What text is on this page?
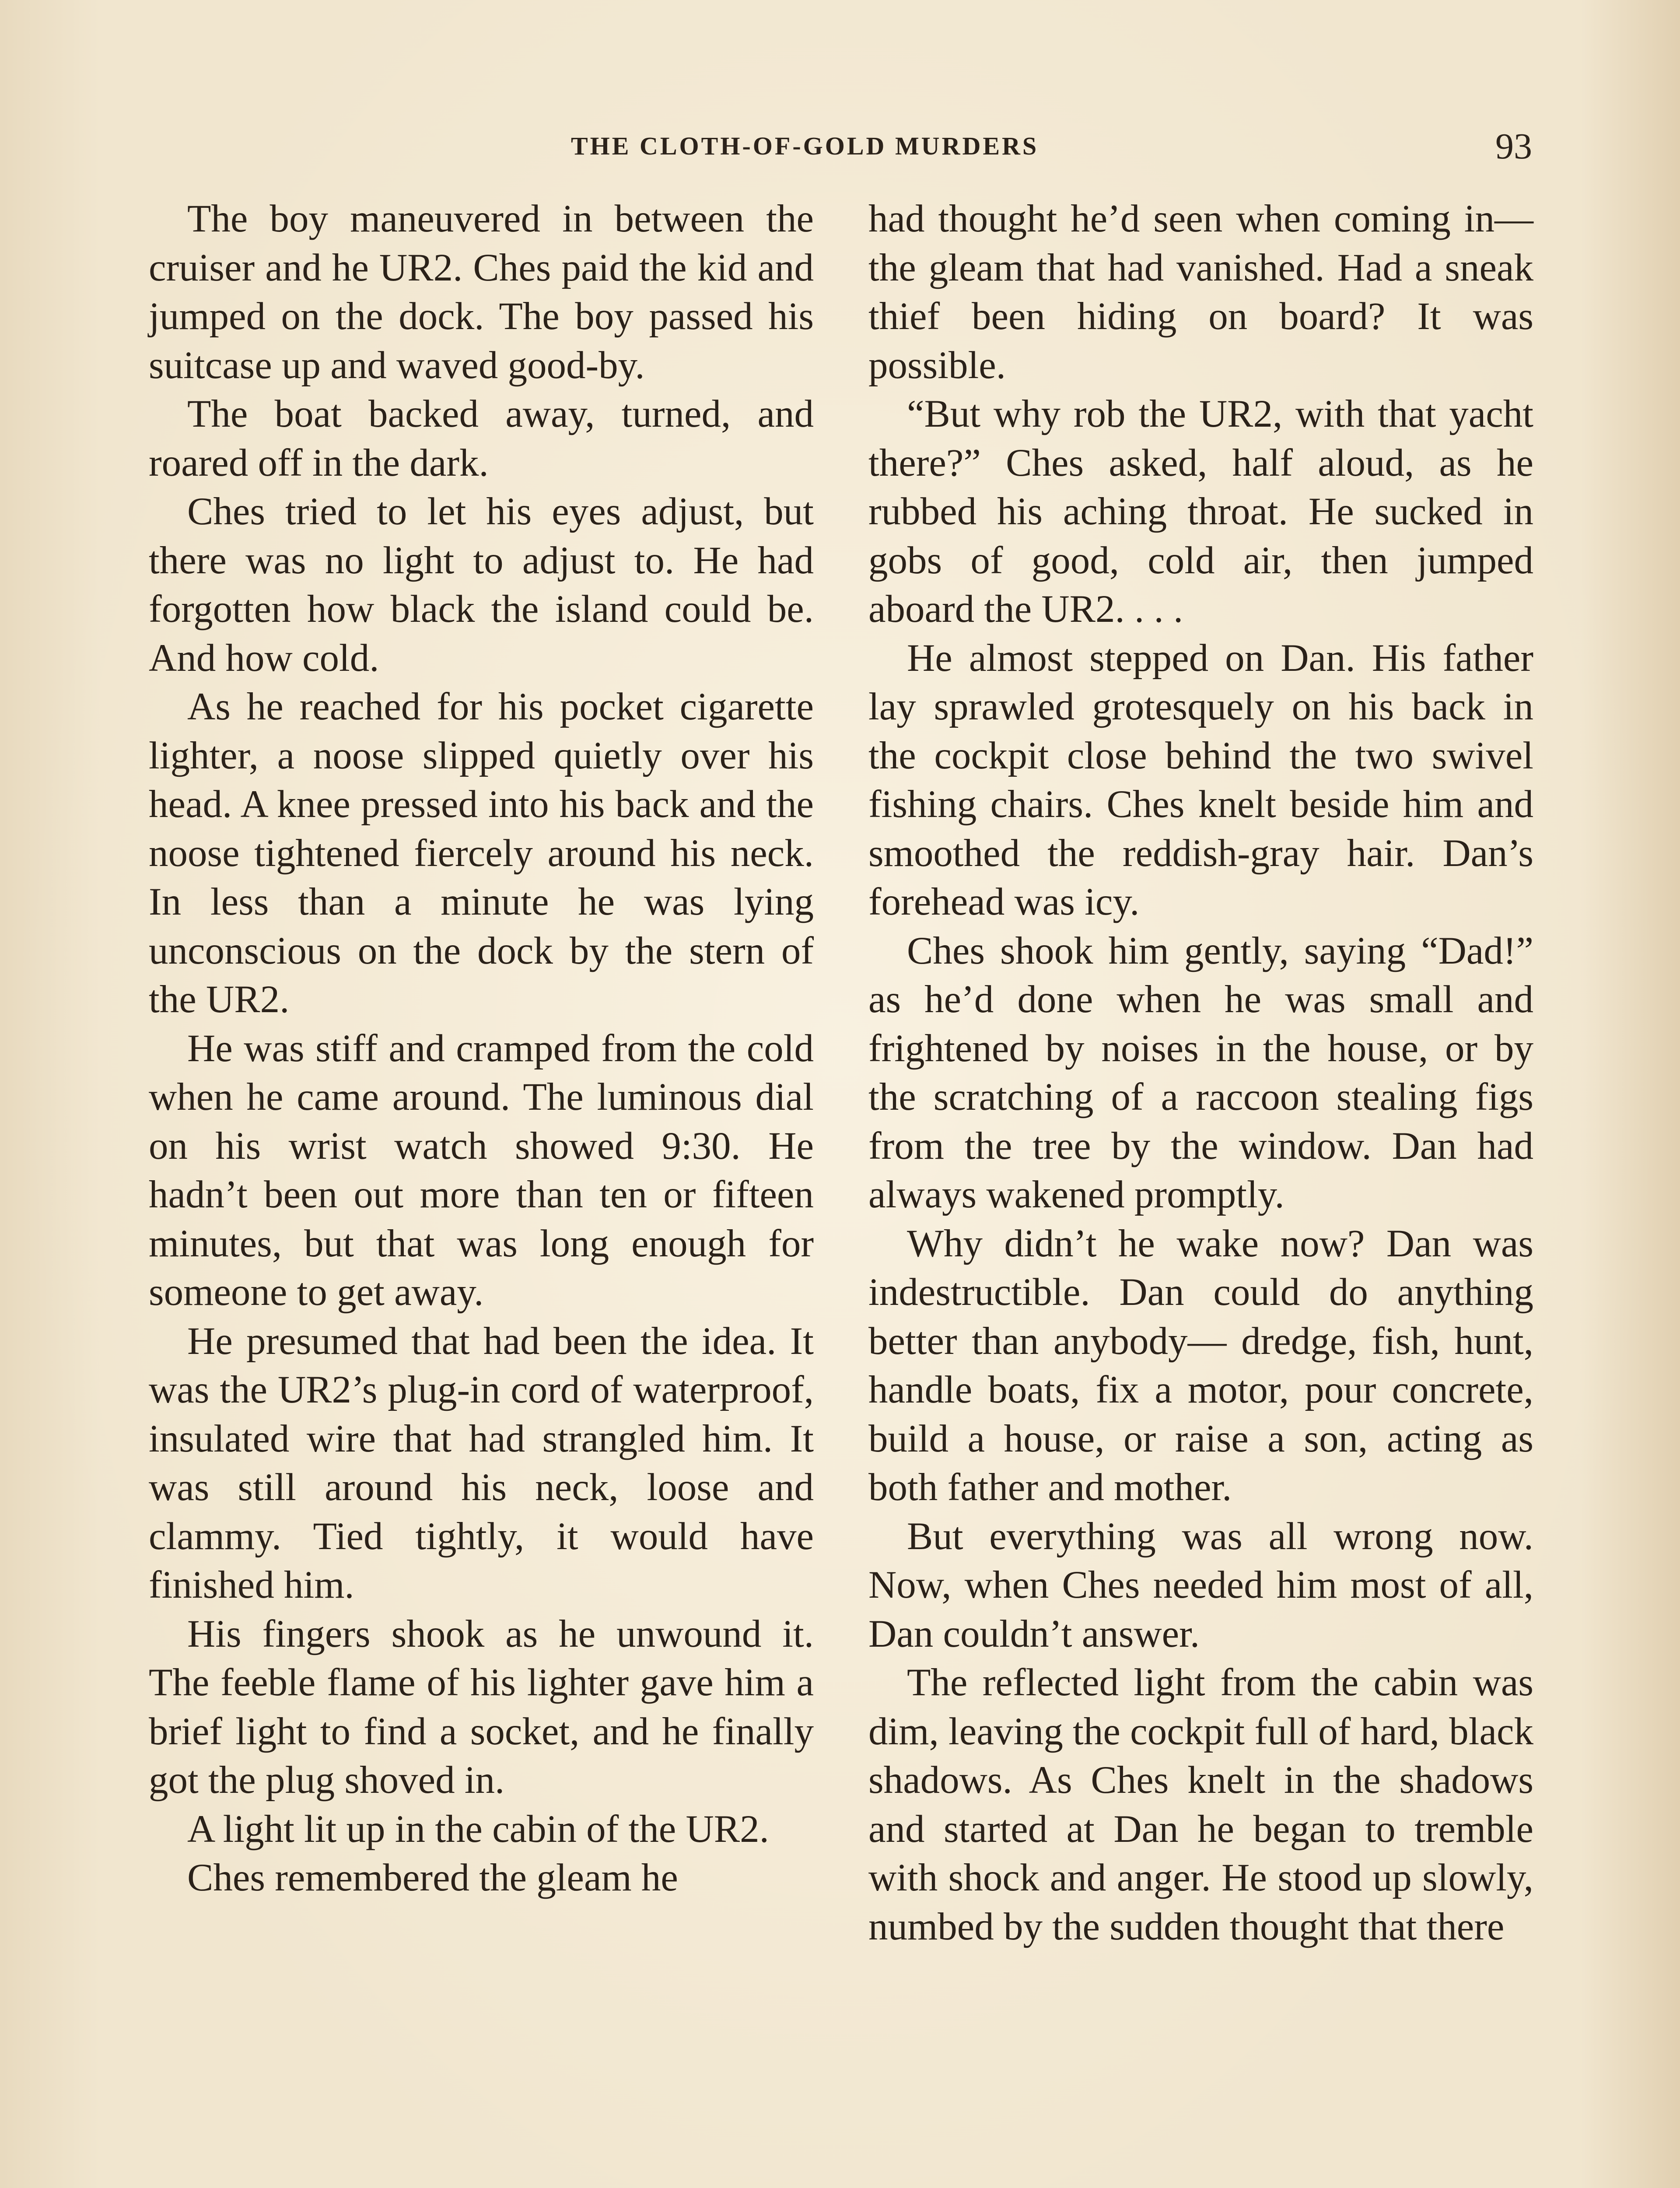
THE CLOTH-OF-GOLD MURDERS	93

The boy maneuvered in between the cruiser and he UR2. Ches paid the kid and jumped on the dock. The boy passed his suitcase up and waved good-by.

The boat backed away, turned, and roared off in the dark.

Ches tried to let his eyes adjust, but there was no light to adjust to. He had forgotten how black the island could be. And how cold.

As he reached for his pocket cigarette lighter, a noose slipped quietly over his head. A knee pressed into his back and the noose tightened fiercely around his neck. In less than a minute he was lying unconscious on the dock by the stern of the UR2.

He was stiff and cramped from the cold when he came around. The luminous dial on his wrist watch showed 9:30. He hadn’t been out more than ten or fifteen minutes, but that was long enough for someone to get away.

He presumed that had been the idea. It was the UR2’s plug-in cord of waterproof, insulated wire that had strangled him. It was still around his neck, loose and clammy. Tied tightly, it would have finished him.

His fingers shook as he unwound it. The feeble flame of his lighter gave him a brief light to find a socket, and he finally got the plug shoved in.

A light lit up in the cabin of the UR2.

Ches remembered the gleam he

had thought he’d seen when coming in—the gleam that had vanished. Had a sneak thief been hiding on board? It was possible.

“But why rob the UR2, with that yacht there?” Ches asked, half aloud, as he rubbed his aching throat. He sucked in gobs of good, cold air, then jumped aboard the UR2. . . .

He almost stepped on Dan. His father lay sprawled grotesquely on his back in the cockpit close behind the two swivel fishing chairs. Ches knelt beside him and smoothed the reddish-gray hair. Dan’s forehead was icy.

Ches shook him gently, saying “Dad!” as he’d done when he was small and frightened by noises in the house, or by the scratching of a raccoon stealing figs from the tree by the window. Dan had always wakened promptly.

Why didn’t he wake now? Dan was indestructible. Dan could do anything better than anybody— dredge, fish, hunt, handle boats, fix a motor, pour concrete, build a house, or raise a son, acting as both father and mother.

But everything was all wrong now. Now, when Ches needed him most of all, Dan couldn’t answer.

The reflected light from the cabin was dim, leaving the cockpit full of hard, black shadows. As Ches knelt in the shadows and started at Dan he began to tremble with shock and anger. He stood up slowly, numbed by the sudden thought that there
